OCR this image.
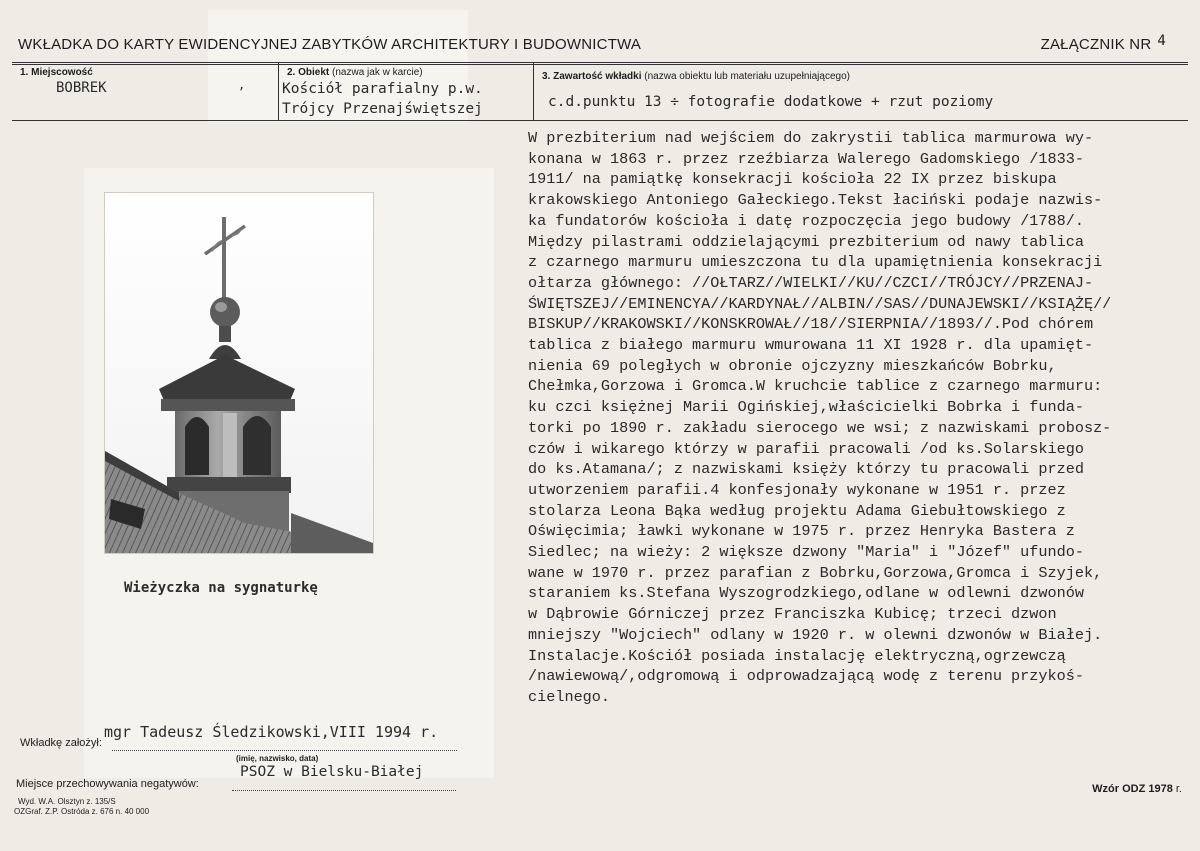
WKŁADKA DO KARTY EWIDENCYJNEJ ZABYTKÓW ARCHITEKTURY I BUDOWNICTWA	ZAŁĄCZNIK NR 4
1. Miejscowość
BOBREK	,
2. Obiekt (nazwa jak w karcie)
Kościół parafialny p.w.
Trójcy Przenajświętszej
3. Zawartość wkładki (nazwa obiektu lub materiału uzupełniającego)
c.d.punktu 13 ÷ fotografie dodatkowe + rzut poziomy
W prezbiterium nad wejściem do zakrystii tablica marmurowa wy-
konana w 1863 r. przez rzeźbiarza Walerego Gadomskiego /1833-
1911/ na pamiątkę konsekracji kościoła 22 IX przez biskupa
krakowskiego Antoniego Gałeckiego.Tekst łaciński podaje nazwis-
ka fundatorów kościoła i datę rozpoczęcia jego budowy /1788/.
Między pilastrami oddzielającymi prezbiterium od nawy tablica
z czarnego marmuru umieszczona tu dla upamiętnienia konsekracji
ołtarza głównego: //OŁTARZ//WIELKI//KU//CZCI//TRÓJCY//PRZENAJ-
ŚWIĘTSZEJ//EMINENCYA//KARDYNAŁ//ALBIN//SAS//DUNAJEWSKI//KSIĄŻĘ//
BISKUP//KRAKOWSKI//KONSKROWAŁ//18//SIERPNIA//1893//.Pod chórem
tablica z białego marmuru wmurowana 11 XI 1928 r. dla upamięt-
nienia 69 poległych w obronie ojczyzny mieszkańców Bobrku,
Chełmka,Gorzowa i Gromca.W kruchcie tablice z czarnego marmuru:
ku czci księżnej Marii Ogińskiej,właścicielki Bobrka i funda-
torki po 1890 r. zakładu sierocego we wsi; z nazwiskami probosz-
czów i wikarego którzy w parafii pracowali /od ks.Solarskiego
do ks.Atamana/; z nazwiskami księży którzy tu pracowali przed
utworzeniem parafii.4 konfesjonały wykonane w 1951 r. przez
stolarza Leona Bąka według projektu Adama Giebułtowskiego z
Oświęcimia; ławki wykonane w 1975 r. przez Henryka Bastera z
Siedlec; na wieży: 2 większe dzwony "Maria" i "Józef" ufundo-
wane w 1970 r. przez parafian z Bobrku,Gorzowa,Gromca i Szyjek,
staraniem ks.Stefana Wyszogrodzkiego,odlane w odlewni dzwonów
w Dąbrowie Górniczej przez Franciszka Kubicę; trzeci dzwon
mniejszy "Wojciech" odlany w 1920 r. w olewni dzwonów w Białej.
Instalacje.Kościół posiada instalację elektryczną,ogrzewczą
/nawiewową/,odgromową i odprowadzającą wodę z terenu przykoś-
cielnego.
Wieżyczka na sygnaturkę
mgr Tadeusz Śledzikowski,VIII 1994 r.
Wkładkę założył:
(imię, nazwisko, data)
PSOZ w Bielsku-Białej
Miejsce przechowywania negatywów:
Wyd. W.A. Olsztyn z. 135/S
OZGraf. Z.P. Ostróda z. 676 n. 40 000
Wzór ODZ 1978 r.
